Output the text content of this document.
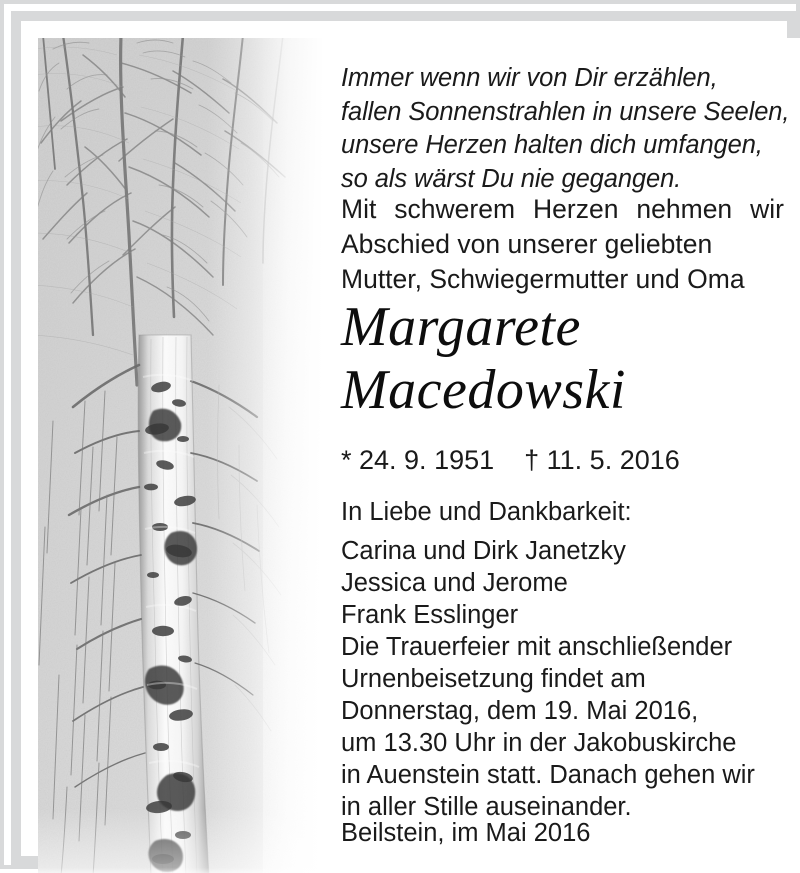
Immer wenn wir von Dir erzählen,
fallen Sonnenstrahlen in unsere Seelen,
unsere Herzen halten dich umfangen,
so als wärst Du nie gegangen.
Mit schwerem Herzen nehmen wir
Abschied von unserer geliebten
Mutter, Schwiegermutter und Oma
Margarete
Macedowski
* 24. 9. 1951    † 11. 5. 2016
In Liebe und Dankbarkeit:
Carina und Dirk Janetzky
Jessica und Jerome
Frank Esslinger
Die Trauerfeier mit anschließender
Urnenbeisetzung findet am
Donnerstag, dem 19. Mai 2016,
um 13.30 Uhr in der Jakobuskirche
in Auenstein statt. Danach gehen wir
in aller Stille auseinander.
Beilstein, im Mai 2016
